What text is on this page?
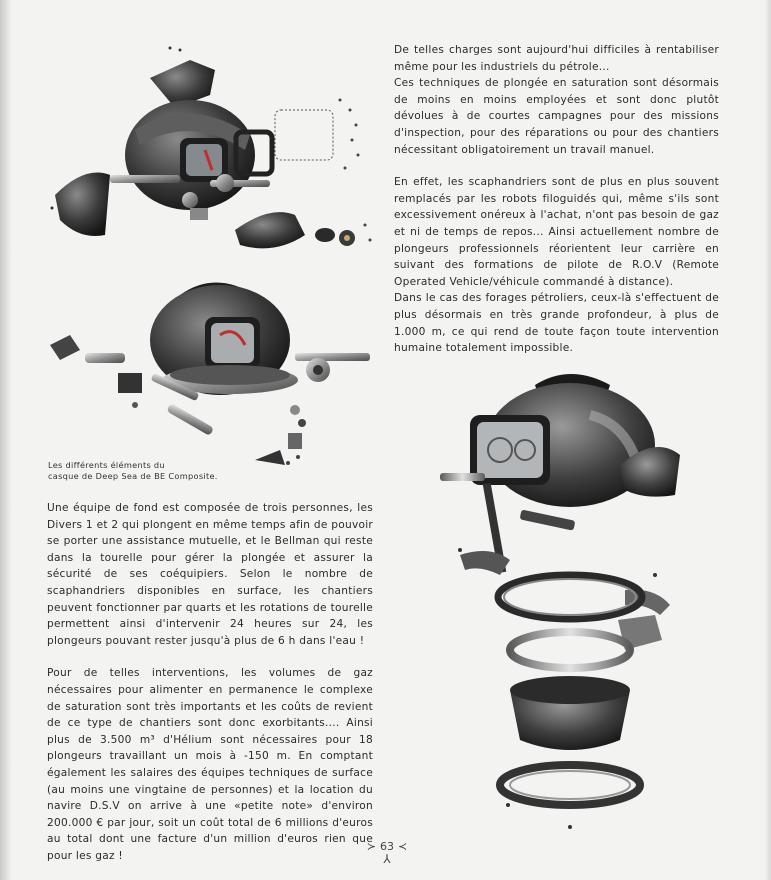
Les différents éléments du
casque de Deep Sea de BE Composite.

De telles charges sont aujourd'hui difficiles à rentabiliser même pour les industriels du pétrole...

Ces techniques de plongée en saturation sont désormais de moins en moins employées et sont donc plutôt dévolues à de courtes campagnes pour des missions d'inspection, pour des réparations ou pour des chantiers nécessitant obligatoirement un travail manuel.

En effet, les scaphandriers sont de plus en plus souvent remplacés par les robots filoguidés qui, même s'ils sont excessivement onéreux à l'achat, n'ont pas besoin de gaz et ni de temps de repos... Ainsi actuellement nombre de plongeurs professionnels réorientent leur carrière en suivant des formations de pilote de R.O.V (Remote Operated Vehicle/véhicule commandé à distance).

Dans le cas des forages pétroliers, ceux-là s'effectuent de plus désormais en très grande profondeur, à plus de 1.000 m, ce qui rend de toute façon toute intervention humaine totalement impossible.

Une équipe de fond est composée de trois personnes, les Divers 1 et 2 qui plongent en même temps afin de pouvoir se porter une assistance mutuelle, et le Bellman qui reste dans la tourelle pour gérer la plongée et assurer la sécurité de ses coéquipiers. Selon le nombre de scaphandriers disponibles en surface, les chantiers peuvent fonctionner par quarts et les rotations de tourelle permettent ainsi d'intervenir 24 heures sur 24, les plongeurs pouvant rester jusqu'à plus de 6 h dans l'eau !

Pour de telles interventions, les volumes de gaz nécessaires pour alimenter en permanence le complexe de saturation sont très importants et les coûts de revient de ce type de chantiers sont donc exorbitants.... Ainsi plus de 3.500 m³ d'Hélium sont nécessaires pour 18 plongeurs travaillant un mois à -150 m. En comptant également les salaires des équipes techniques de surface (au moins une vingtaine de personnes) et la location du navire D.S.V on arrive à une «petite note» d'environ 200.000 € par jour, soit un coût total de 6 millions d'euros au total dont une facture d'un million d'euros rien que pour les gaz !

≻ 63 ≺
⅄
